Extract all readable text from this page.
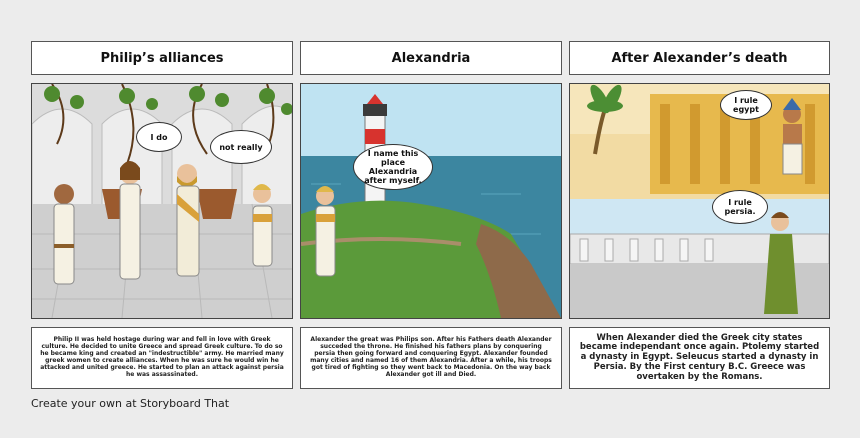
Philip’s alliances	Alexandria	After Alexander’s death
I do
not really
I name this place Alexandria after myself.
I rule egypt
I rule persia.
Philip II was held hostage during war and fell in love with Greek culture. He decided to unite Greece and spread Greek culture. To do so he became king and created an "indestructible" army. He married many greek women to create alliances. When he was sure he would win he attacked and united greece. He started to plan an attack against persia he was assassinated.
Alexander the great was Philips son. After his Fathers death Alexander succeded the throne. He finished his fathers plans by conquering persia then going forward and conquering Egypt. Alexander founded many cities and named 16 of them Alexandria. After a while, his troops got tired of fighting so they went back to Macedonia. On the way back Alexander got ill and Died.
When Alexander died the Greek city states became independant once again. Ptolemy started a dynasty in Egypt. Seleucus started a dynasty in Persia. By the First century B.C. Greece was overtaken by the Romans.
Create your own at Storyboard That
